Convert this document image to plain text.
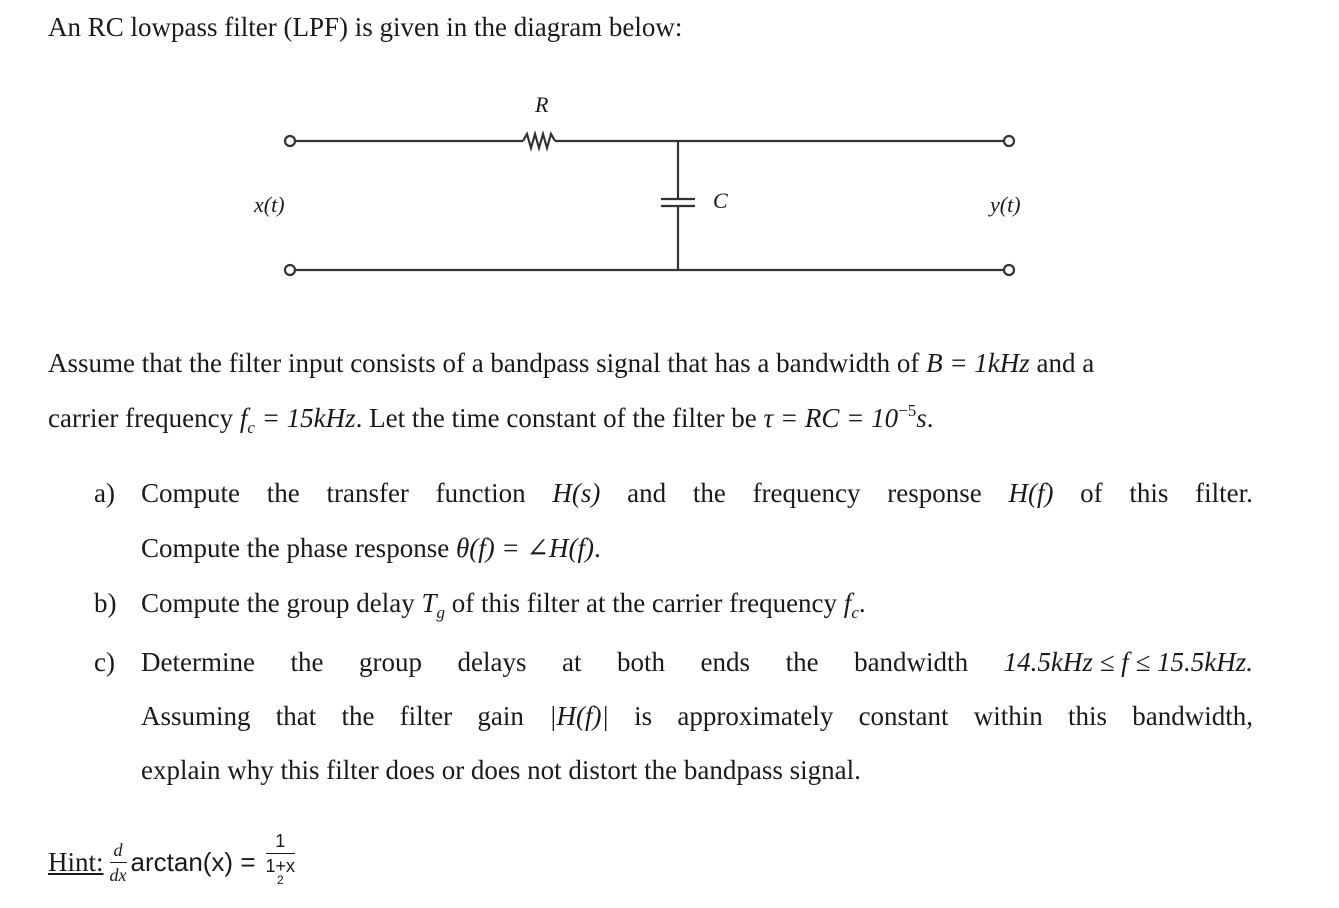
An RC lowpass filter (LPF) is given in the diagram below:
R
C
x(t)	y(t)
Assume that the filter input consists of a bandpass signal that has a bandwidth of B = 1kHz and a
carrier frequency $f_c = 15kHz$. Let the time constant of the filter be τ = RC = $10^{-5}s$.
a) Compute the transfer function H(s) and the frequency response H(f) of this filter.
Compute the phase response θ(f) = ∠H(f).
b) Compute the group delay $T_g$ of this filter at the carrier frequency $f_c$.
c) Determine the group delays at both ends the bandwidth 14.5kHz ≤ f ≤ 15.5kHz.
Assuming that the filter gain |H(f)| is approximately constant within this bandwidth,
explain why this filter does or does not distort the bandpass signal.
Hint: $\frac{d}{dx} \arctan(x) = 1$
1+x
$^2$
